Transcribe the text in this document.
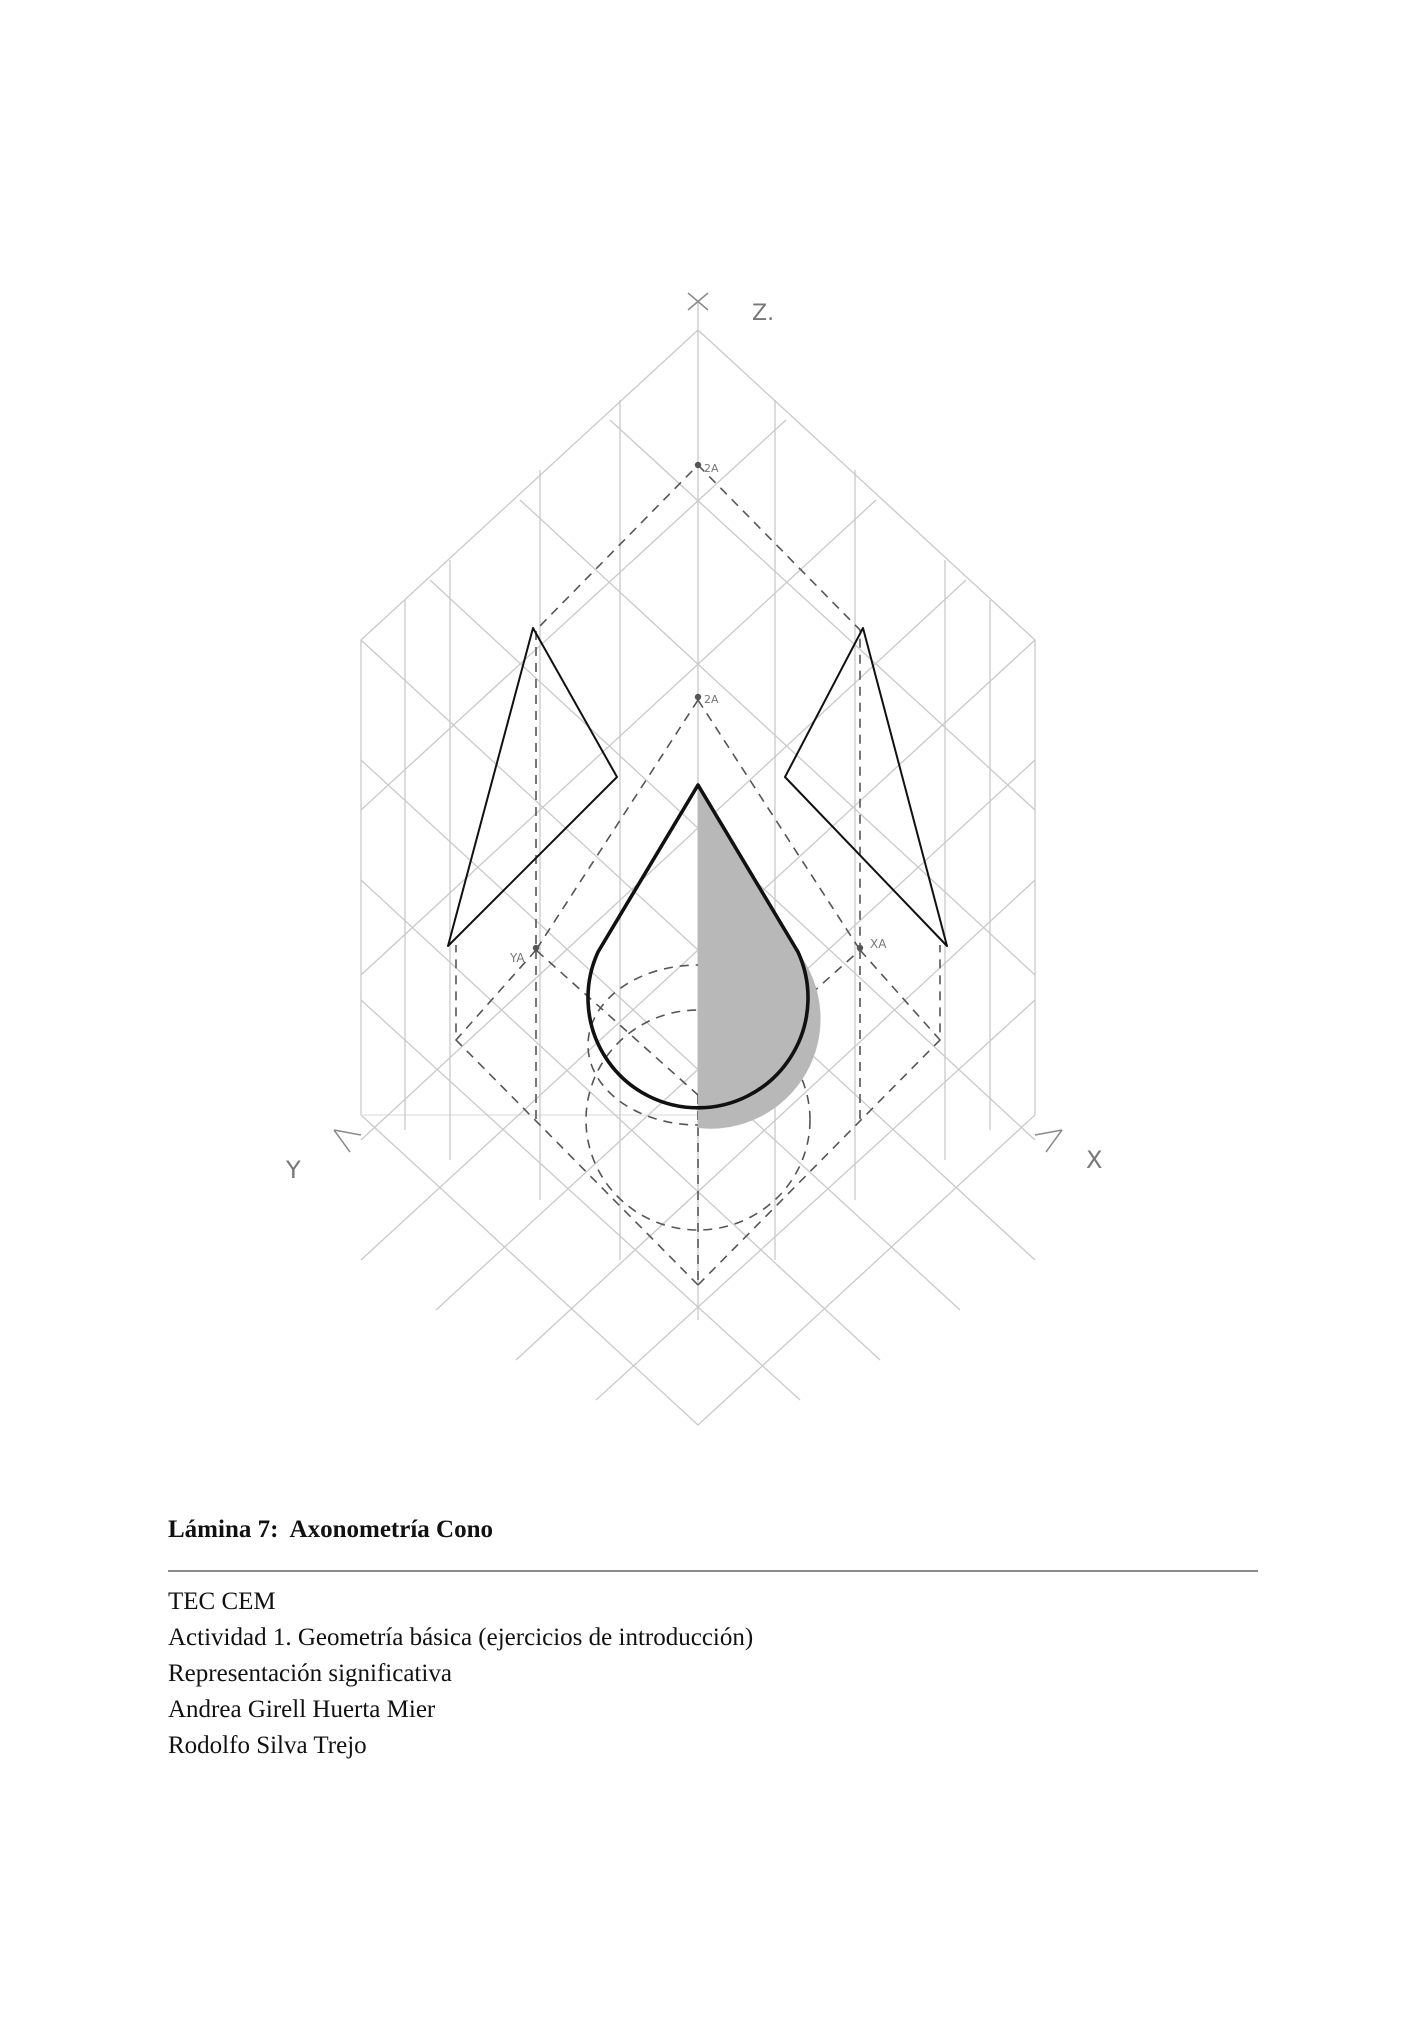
Z.
Y	X
2A
2A
YA
XA
Lámina 7:  Axonometría Cono
TEC CEM
Actividad 1. Geometría básica (ejercicios de introducción)
Representación significativa
Andrea Girell Huerta Mier
Rodolfo Silva Trejo
